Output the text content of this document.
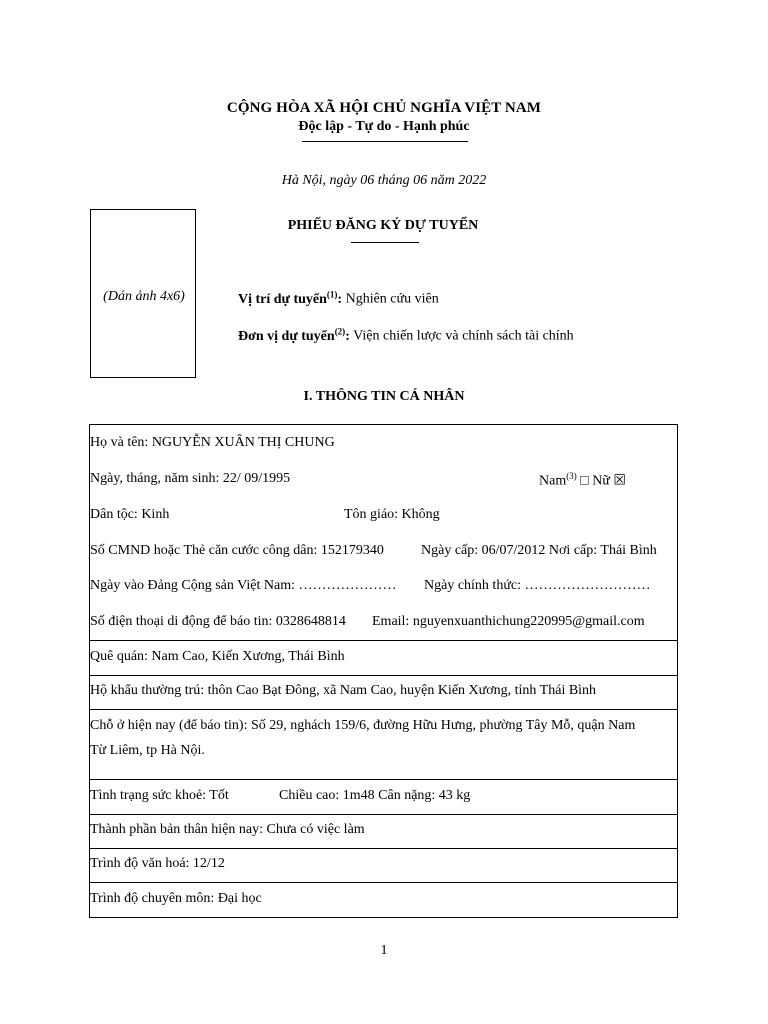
CỘNG HÒA XÃ HỘI CHỦ NGHĨA VIỆT NAM
Độc lập - Tự do - Hạnh phúc
Hà Nội, ngày 06 tháng 06 năm 2022
(Dán ảnh 4x6)
PHIẾU ĐĂNG KÝ DỰ TUYỂN
Vị trí dự tuyển$^{(1)}$: Nghiên cứu viên
Đơn vị dự tuyển$^{(2)}$: Viện chiến lược và chính sách tài chính
I. THÔNG TIN CÁ NHÂN
Họ và tên: NGUYỄN XUÂN THỊ CHUNG
Ngày, tháng, năm sinh: 22/ 09/1995	Nam$^{(3)}$ □ Nữ ☒
Dân tộc: Kinh	Tôn giáo: Không
Số CMND hoặc Thẻ căn cước công dân: 152179340	Ngày cấp: 06/07/2012 Nơi cấp: Thái Bình
Ngày vào Đảng Cộng sản Việt Nam: ………………… Ngày chính thức: ………………………
Số điện thoại di động để báo tin: 0328648814 Email: nguyenxuanthichung220995@gmail.com
Quê quán: Nam Cao, Kiến Xương, Thái Bình
Hộ khẩu thường trú: thôn Cao Bạt Đông, xã Nam Cao, huyện Kiến Xương, tỉnh Thái Bình
Chỗ ở hiện nay (để báo tin): Số 29, nghách 159/6, đường Hữu Hưng, phường Tây Mỗ, quận Nam
Từ Liêm, tp Hà Nội.
Tình trạng sức khoẻ: Tốt	Chiều cao: 1m48 Cân nặng: 43 kg
Thành phần bản thân hiện nay: Chưa có việc làm
Trình độ văn hoá: 12/12
Trình độ chuyên môn: Đại học
1
